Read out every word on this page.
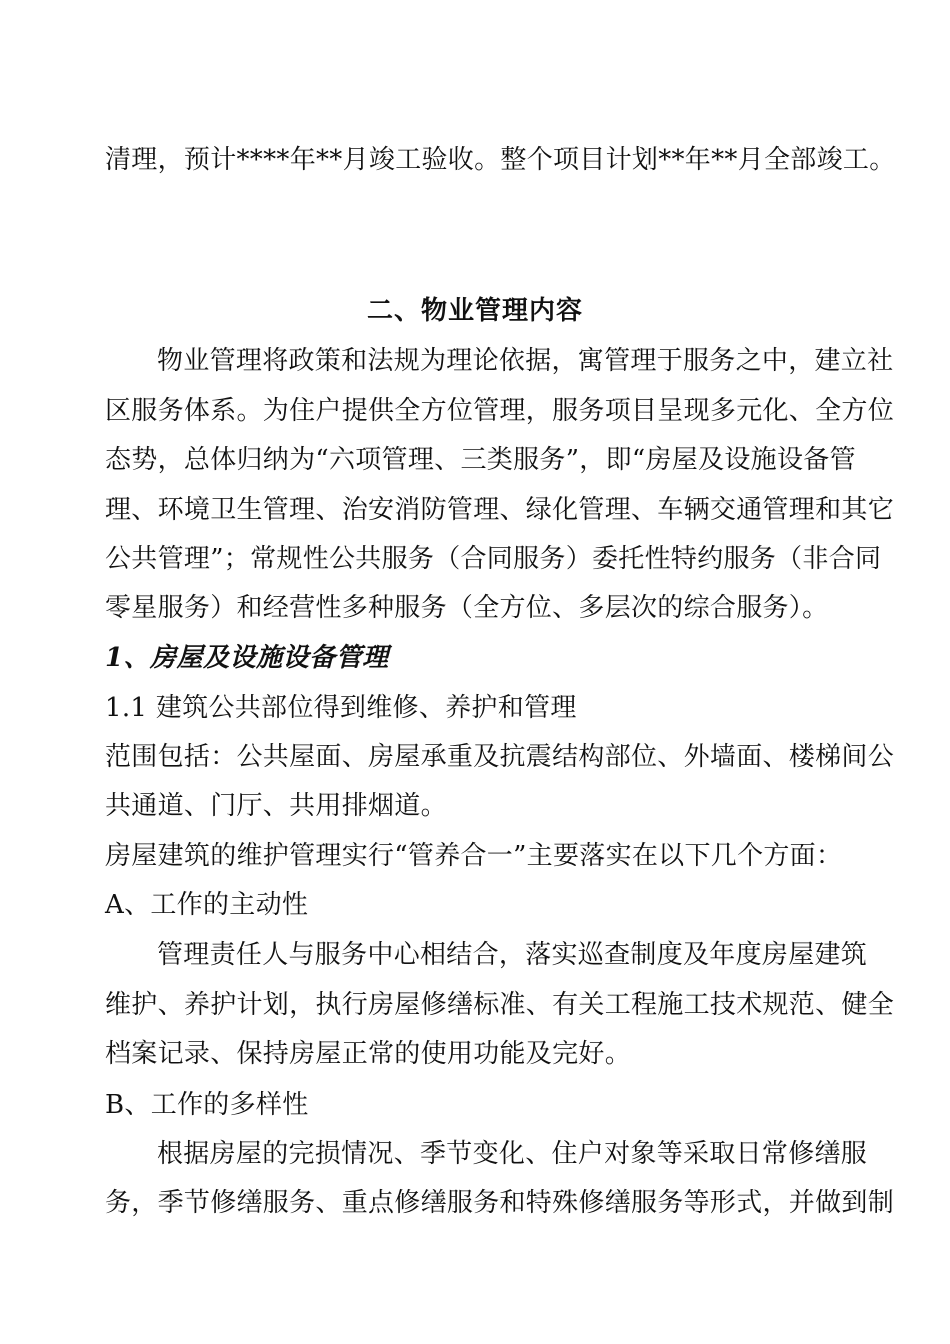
清理，预计****年**月竣工验收。整个项目计划**年**月全部竣工。
二、物业管理内容
物业管理将政策和法规为理论依据，寓管理于服务之中，建立社
区服务体系。为住户提供全方位管理，服务项目呈现多元化、全方位
态势，总体归纳为“六项管理、三类服务”，即“房屋及设施设备管
理、环境卫生管理、治安消防管理、绿化管理、车辆交通管理和其它
公共管理”；常规性公共服务（合同服务）委托性特约服务（非合同
零星服务）和经营性多种服务（全方位、多层次的综合服务）。
1、房屋及设施设备管理
1.1 建筑公共部位得到维修、养护和管理
范围包括：公共屋面、房屋承重及抗震结构部位、外墙面、楼梯间公
共通道、门厅、共用排烟道。
房屋建筑的维护管理实行“管养合一”主要落实在以下几个方面：
A、工作的主动性
管理责任人与服务中心相结合，落实巡查制度及年度房屋建筑
维护、养护计划，执行房屋修缮标准、有关工程施工技术规范、健全
档案记录、保持房屋正常的使用功能及完好。
B、工作的多样性
根据房屋的完损情况、季节变化、住户对象等采取日常修缮服
务，季节修缮服务、重点修缮服务和特殊修缮服务等形式，并做到制
